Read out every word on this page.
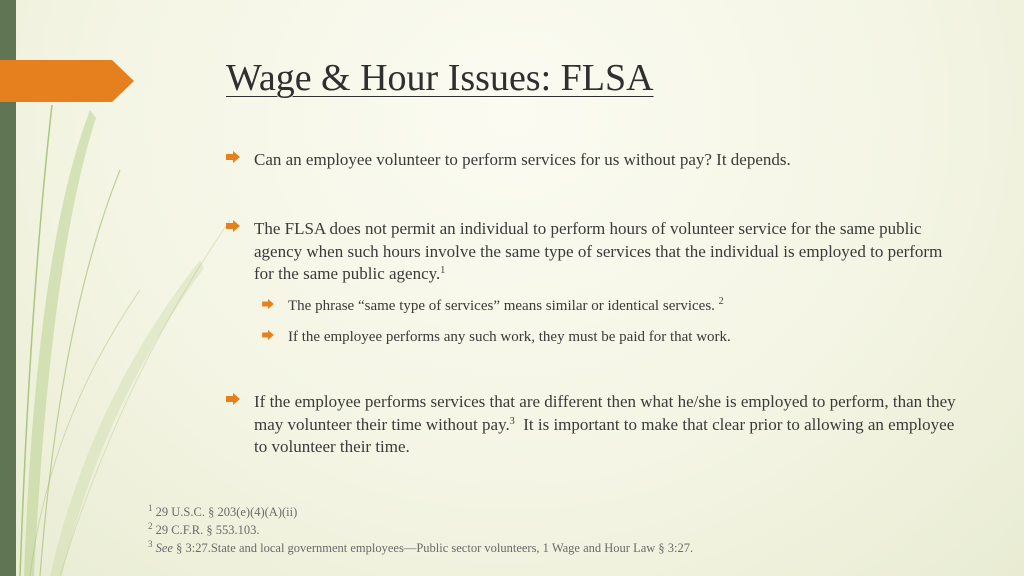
Wage & Hour Issues: FLSA
Can an employee volunteer to perform services for us without pay? It depends.
The FLSA does not permit an individual to perform hours of volunteer service for the same public agency when such hours involve the same type of services that the individual is employed to perform for the same public agency.$^1$
The phrase “same type of services” means similar or identical services. $^2$
If the employee performs any such work, they must be paid for that work.
If the employee performs services that are different then what he/she is employed to perform, than they may volunteer their time without pay.$^3$  It is important to make that clear prior to allowing an employee to volunteer their time.
$^1$ 29 U.S.C. § 203(e)(4)(A)(ii)
$^2$ 29 C.F.R. § 553.103.
$^3$ See § 3:27.State and local government employees—Public sector volunteers, 1 Wage and Hour Law § 3:27.
